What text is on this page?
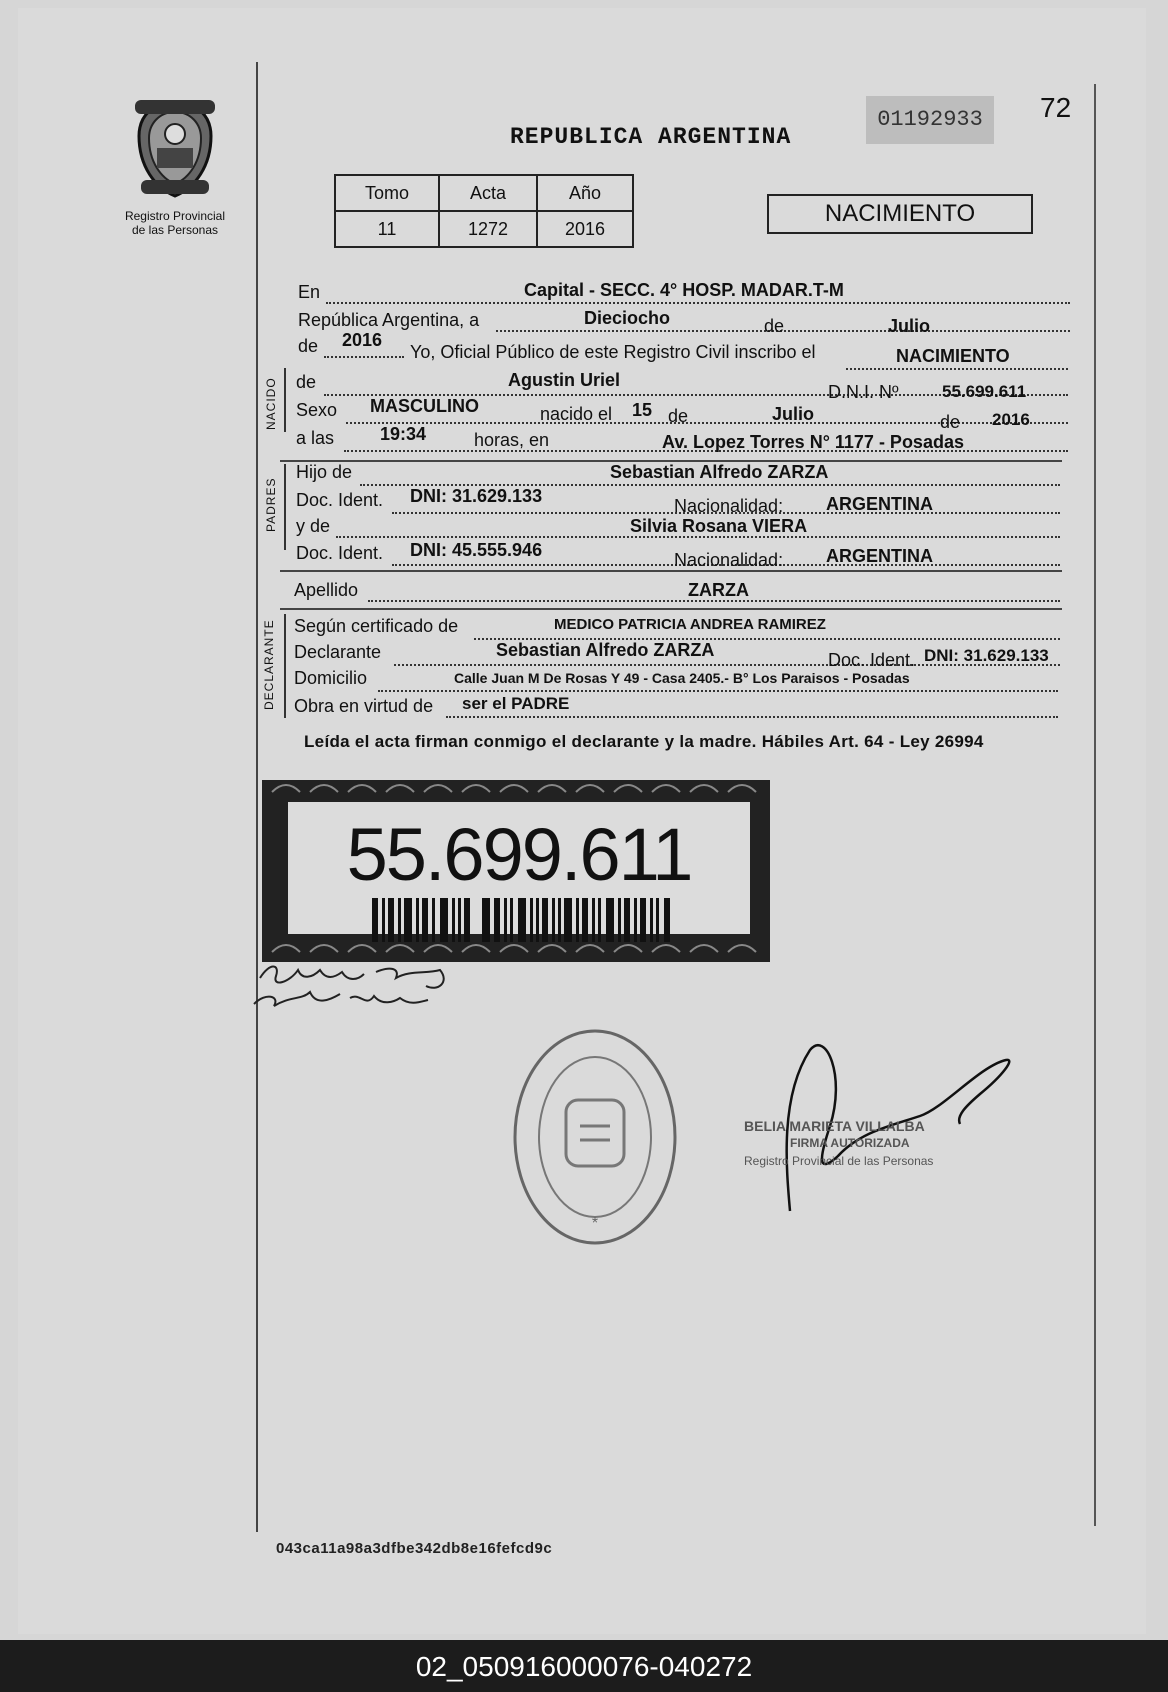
Registro Provincial
de las Personas
REPUBLICA ARGENTINA
01192933	72
Tomo	Acta	Año
11	1272	2016
NACIMIENTO
En	Capital - SECC. 4° HOSP. MADAR.T-M
República Argentina, a	Dieciocho	de	Julio
de 2016
Yo, Oficial Público de este Registro Civil inscribo el	NACIMIENTO
NACIDO de	Agustin Uriel
D.N.I. Nº	55.699.611
Sexo MASCULINO	nacido el 15 de	Julio	de 2016
a las	19:34	horas, en	Av. Lopez Torres N° 1177 - Posadas
PADRES
Hijo de	Sebastian Alfredo ZARZA
Doc. Ident. DNI: 31.629.133	Nacionalidad: ARGENTINA
y de	Silvia Rosana VIERA
Doc. Ident. DNI: 45.555.946	Nacionalidad: ARGENTINA
Apellido	ZARZA
DECLARANTE Según certificado de	MEDICO PATRICIA ANDREA RAMIREZ
Declarante	Sebastian Alfredo ZARZA	Doc. Ident. DNI: 31.629.133
Domicilio	Calle Juan M De Rosas Y 49 - Casa 2405.- B° Los Paraisos - Posadas
Obra en virtud de ser el PADRE
Leída el acta firman conmigo el declarante y la madre. Hábiles Art. 64 - Ley 26994
55.699.611
*
BELIA MARIETA VILLALBA
FIRMA AUTORIZADA
Registro Provincial de las Personas
043ca11a98a3dfbe342db8e16fefcd9c
02_050916000076-040272
